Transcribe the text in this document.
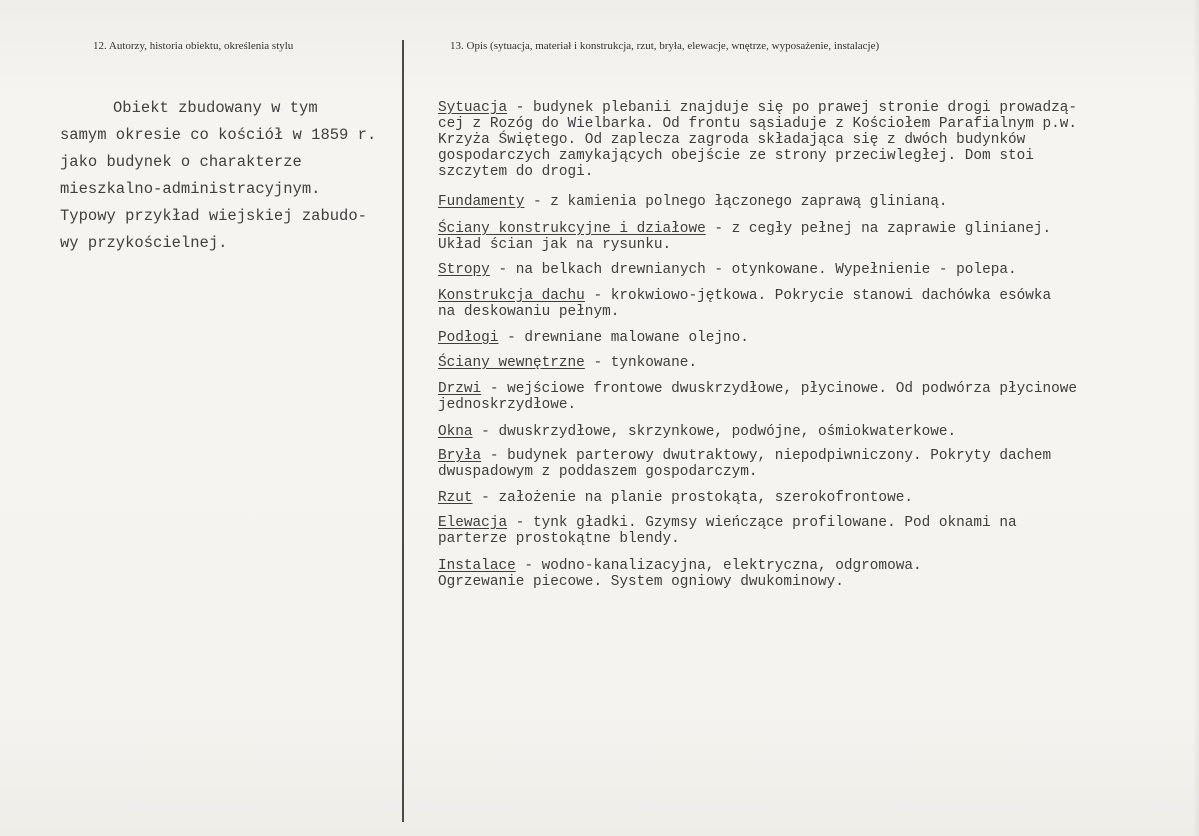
12. Autorzy, historia obiektu, określenia stylu	13. Opis (sytuacja, materiał i konstrukcja, rzut, bryła, elewacje, wnętrze, wyposażenie, instalacje)
Obiekt zbudowany w tym
samym okresie co kościół w 1859 r.
jako budynek o charakterze
mieszkalno-administracyjnym.
Typowy przykład wiejskiej zabudo-
wy przykościelnej.
Sytuacja - budynek plebanii znajduje się po prawej stronie drogi prowadzą-
cej z Rozóg do Wielbarka. Od frontu sąsiaduje z Kościołem Parafialnym p.w.
Krzyża Świętego. Od zaplecza zagroda składająca się z dwóch budynków
gospodarczych zamykających obejście ze strony przeciwległej. Dom stoi
szczytem do drogi.
Fundamenty - z kamienia polnego łączonego zaprawą glinianą.
Ściany konstrukcyjne i działowe - z cegły pełnej na zaprawie glinianej.
Układ ścian jak na rysunku.
Stropy - na belkach drewnianych - otynkowane. Wypełnienie - polepa.
Konstrukcja dachu - krokwiowo-jętkowa. Pokrycie stanowi dachówka esówka
na deskowaniu pełnym.
Podłogi - drewniane malowane olejno.
Ściany wewnętrzne - tynkowane.
Drzwi - wejściowe frontowe dwuskrzydłowe, płycinowe. Od podwórza płycinowe
jednoskrzydłowe.
Okna - dwuskrzydłowe, skrzynkowe, podwójne, ośmiokwaterkowe.
Bryła - budynek parterowy dwutraktowy, niepodpiwniczony. Pokryty dachem
dwuspadowym z poddaszem gospodarczym.
Rzut - założenie na planie prostokąta, szerokofrontowe.
Elewacja - tynk gładki. Gzymsy wieńczące profilowane. Pod oknami na
parterze prostokątne blendy.
Instalace - wodno-kanalizacyjna, elektryczna, odgromowa.
Ogrzewanie piecowe. System ogniowy dwukominowy.
